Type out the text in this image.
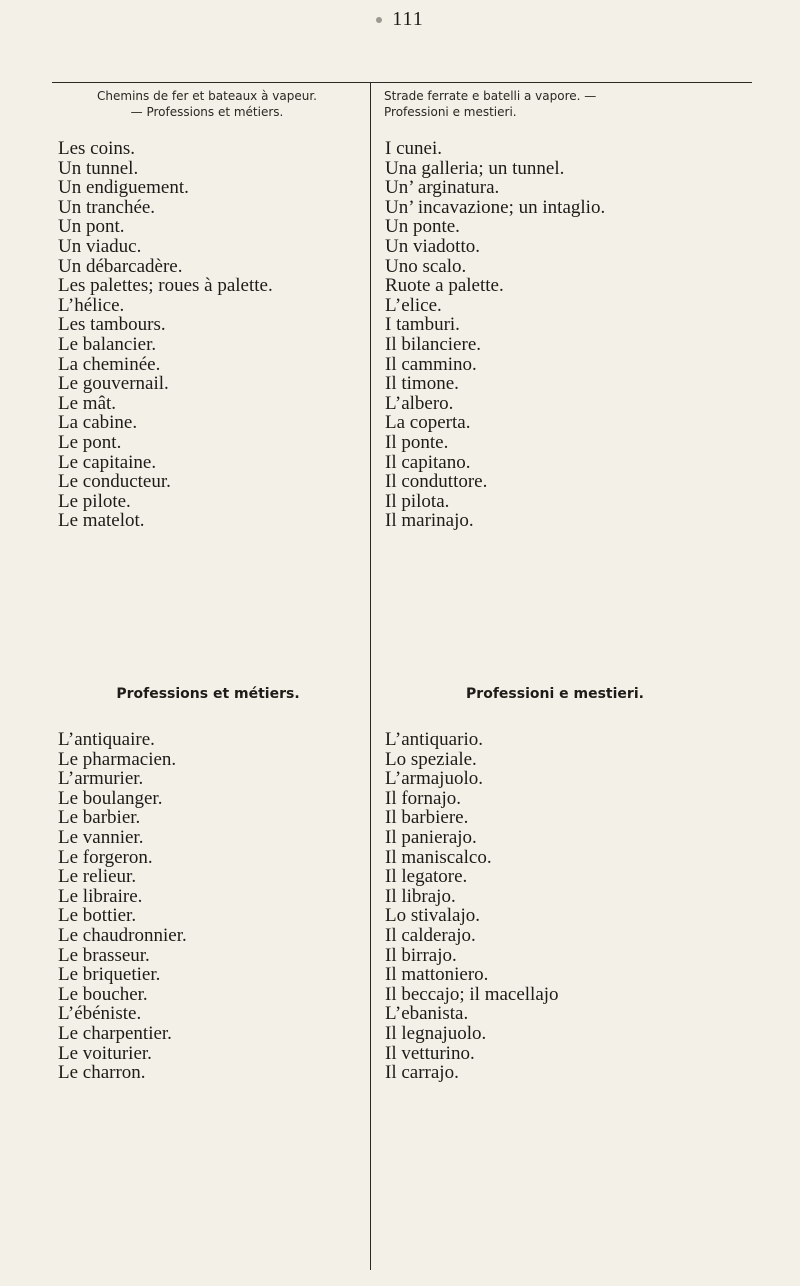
111
Chemins de fer et bateaux à vapeur.
— Professions et métiers.
Strade ferrate e batelli a vapore. —
Professioni e mestieri.
Les coins.
Un tunnel.
Un endiguement.
Un tranchée.
Un pont.
Un viaduc.
Un débarcadère.
Les palettes; roues à palette.
L’hélice.
Les tambours.
Le balancier.
La cheminée.
Le gouvernail.
Le mât.
La cabine.
Le pont.
Le capitaine.
Le conducteur.
Le pilote.
Le matelot.
I cunei.
Una galleria; un tunnel.
Un’ arginatura.
Un’ incavazione; un intaglio.
Un ponte.
Un viadotto.
Uno scalo.
Ruote a palette.
L’elice.
I tamburi.
Il bilanciere.
Il cammino.
Il timone.
L’albero.
La coperta.
Il ponte.
Il capitano.
Il conduttore.
Il pilota.
Il marinajo.
Professions et métiers.	Professioni e mestieri.
L’antiquaire.
Le pharmacien.
L’armurier.
Le boulanger.
Le barbier.
Le vannier.
Le forgeron.
Le relieur.
Le libraire.
Le bottier.
Le chaudronnier.
Le brasseur.
Le briquetier.
Le boucher.
L’ébéniste.
Le charpentier.
Le voiturier.
Le charron.
L’antiquario.
Lo speziale.
L’armajuolo.
Il fornajo.
Il barbiere.
Il panierajo.
Il maniscalco.
Il legatore.
Il librajo.
Lo stivalajo.
Il calderajo.
Il birrajo.
Il mattoniero.
Il beccajo; il macellajo
L’ebanista.
Il legnajuolo.
Il vetturino.
Il carrajo.
